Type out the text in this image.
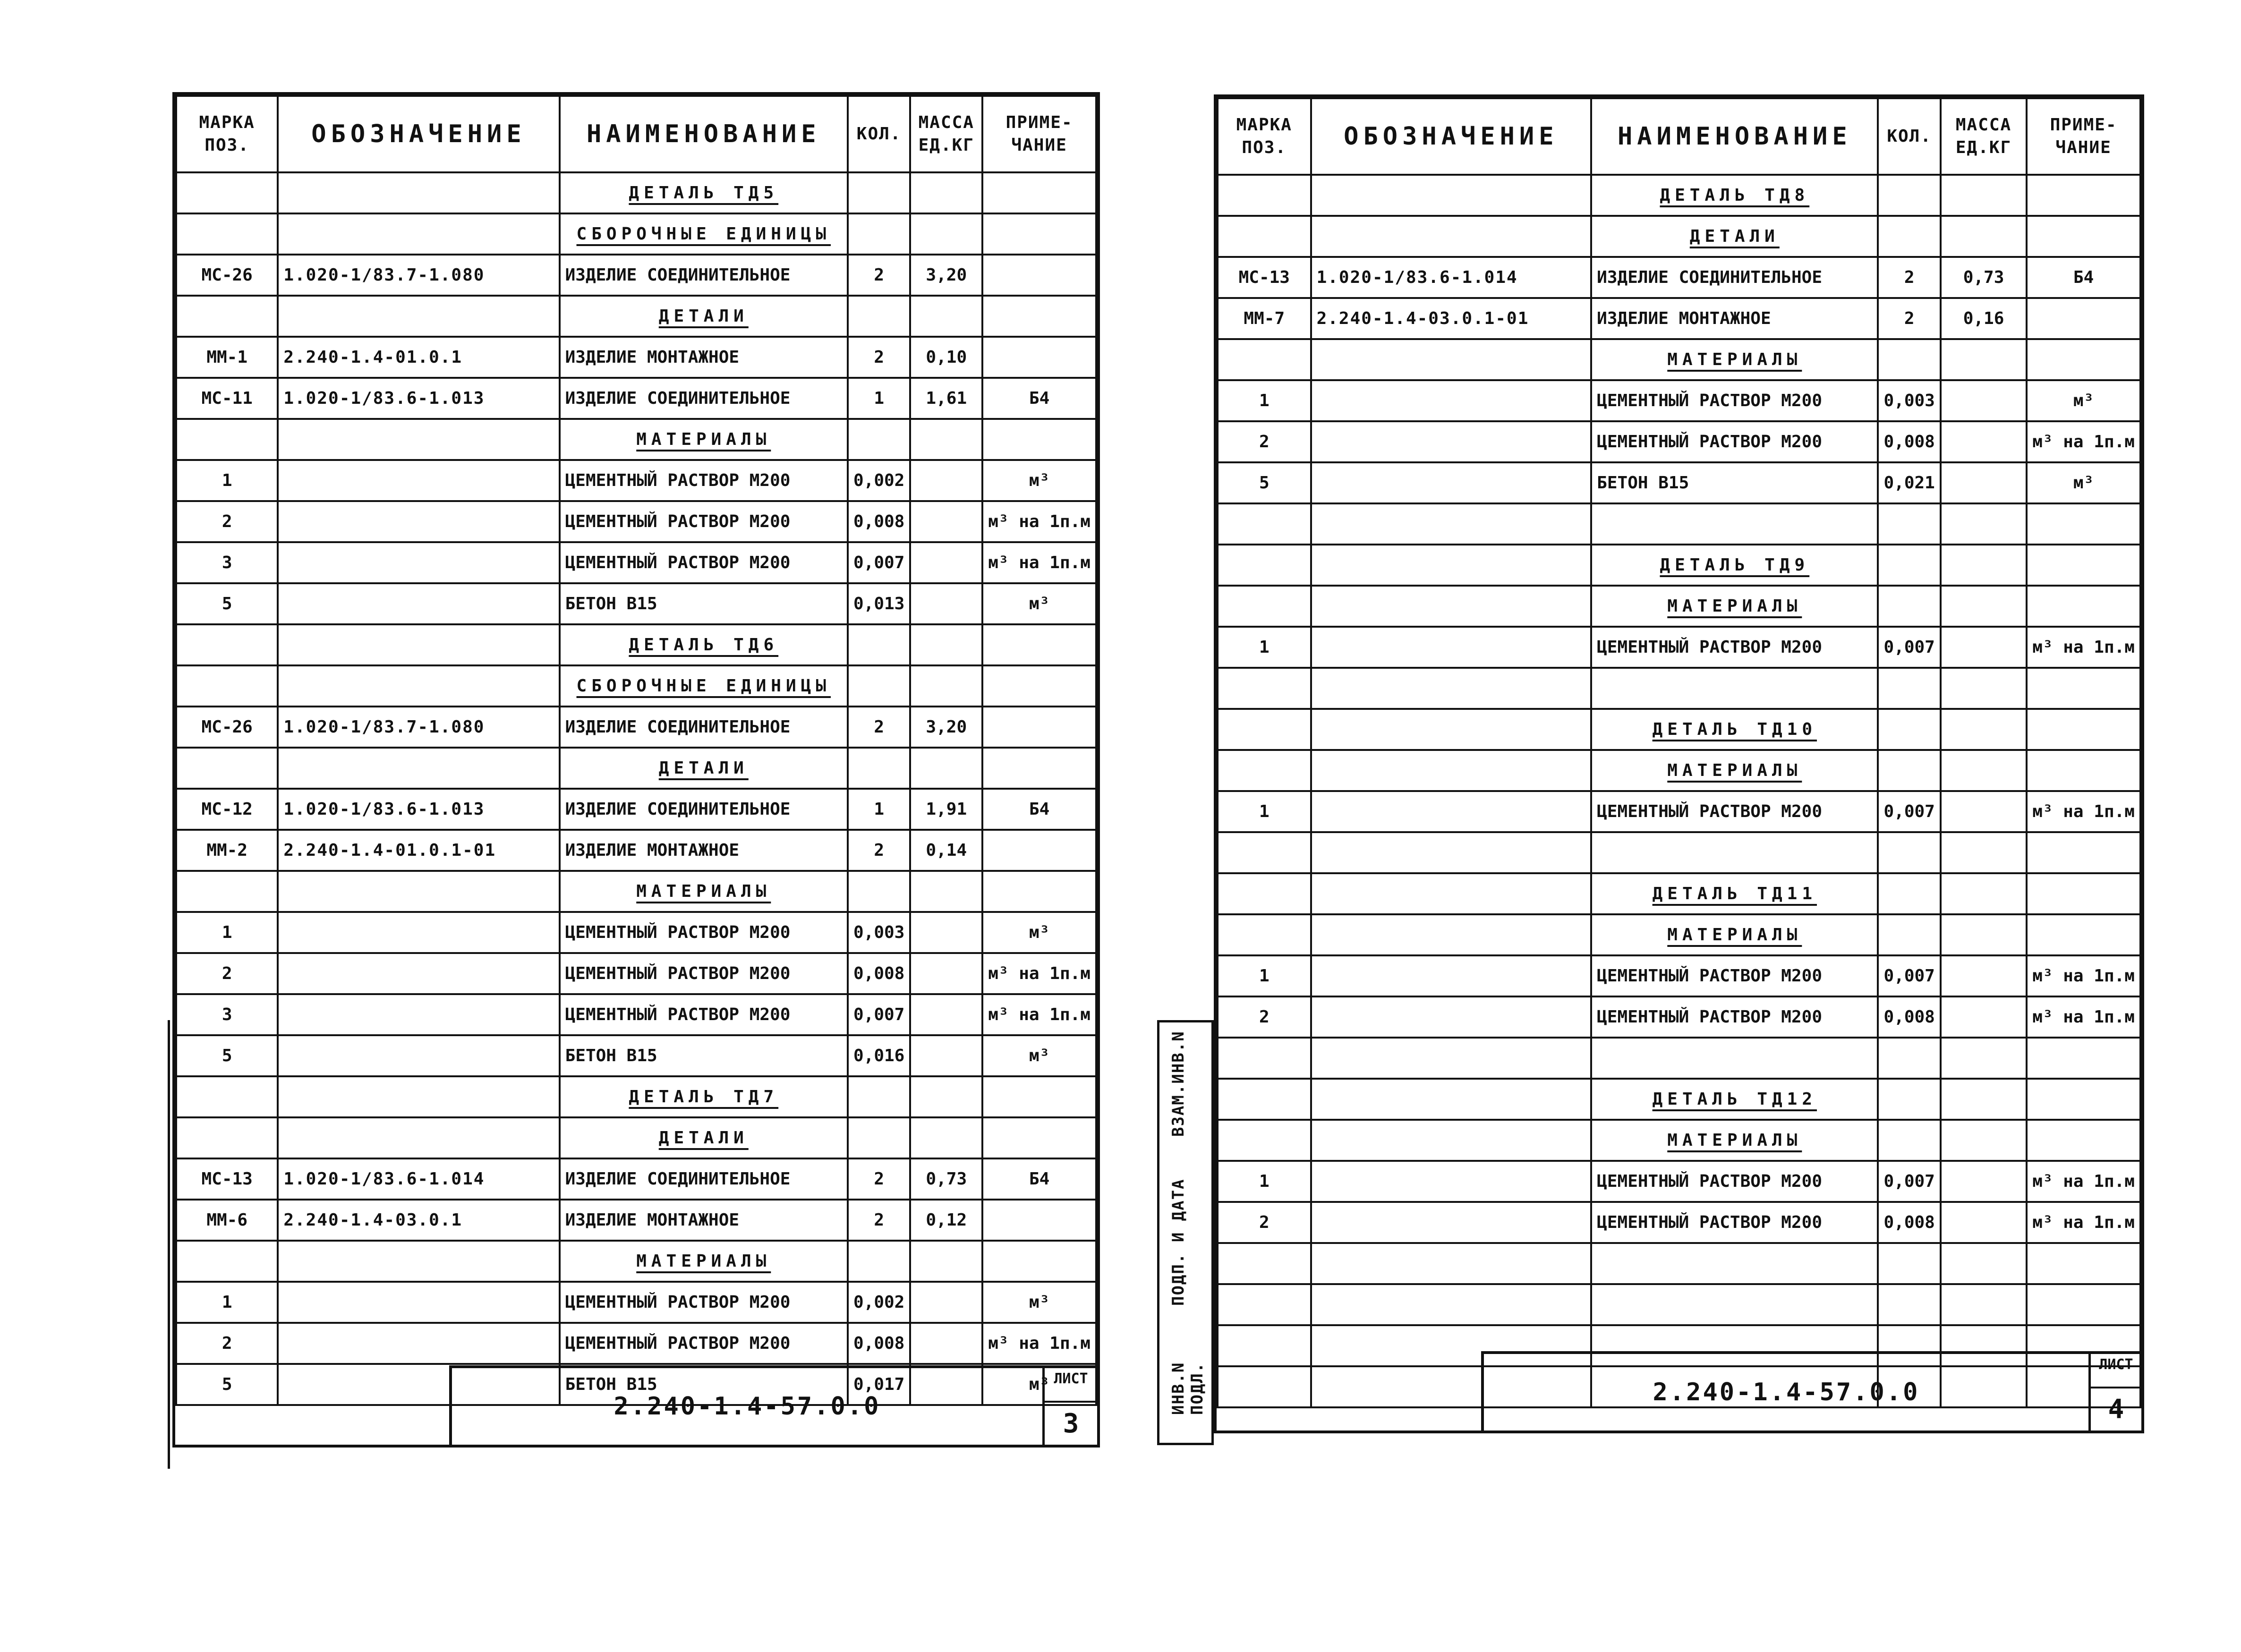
МАРКА ПОЗ.	ОБОЗНАЧЕНИЕ	НАИМЕНОВАНИЕ	КОЛ.	МАССА ЕД.КГ	ПРИМЕ-ЧАНИЕ
		ДЕТАЛЬ ТД5			
		СБОРОЧНЫЕ ЕДИНИЦЫ			
МС-26	1.020-1/83.7-1.080	ИЗДЕЛИЕ СОЕДИНИТЕЛЬНОЕ	2	3,20	
		ДЕТАЛИ			
ММ-1	2.240-1.4-01.0.1	ИЗДЕЛИЕ МОНТАЖНОЕ	2	0,10	
МС-11	1.020-1/83.6-1.013	ИЗДЕЛИЕ СОЕДИНИТЕЛЬНОЕ	1	1,61	Б4
		МАТЕРИАЛЫ			
1		ЦЕМЕНТНЫЙ РАСТВОР М200	0,002		м³
2		ЦЕМЕНТНЫЙ РАСТВОР М200	0,008		м³ на 1п.м
3		ЦЕМЕНТНЫЙ РАСТВОР М200	0,007		м³ на 1п.м
5		БЕТОН В15	0,013		м³
		ДЕТАЛЬ ТД6			
		СБОРОЧНЫЕ ЕДИНИЦЫ			
МС-26	1.020-1/83.7-1.080	ИЗДЕЛИЕ СОЕДИНИТЕЛЬНОЕ	2	3,20	
		ДЕТАЛИ			
МС-12	1.020-1/83.6-1.013	ИЗДЕЛИЕ СОЕДИНИТЕЛЬНОЕ	1	1,91	Б4
ММ-2	2.240-1.4-01.0.1-01	ИЗДЕЛИЕ МОНТАЖНОЕ	2	0,14	
		МАТЕРИАЛЫ			
1		ЦЕМЕНТНЫЙ РАСТВОР М200	0,003		м³
2		ЦЕМЕНТНЫЙ РАСТВОР М200	0,008		м³ на 1п.м
3		ЦЕМЕНТНЫЙ РАСТВОР М200	0,007		м³ на 1п.м
5		БЕТОН В15	0,016		м³
		ДЕТАЛЬ ТД7			
		ДЕТАЛИ			
МС-13	1.020-1/83.6-1.014	ИЗДЕЛИЕ СОЕДИНИТЕЛЬНОЕ	2	0,73	Б4
ММ-6	2.240-1.4-03.0.1	ИЗДЕЛИЕ МОНТАЖНОЕ	2	0,12	
		МАТЕРИАЛЫ			
1		ЦЕМЕНТНЫЙ РАСТВОР М200	0,002		м³
2		ЦЕМЕНТНЫЙ РАСТВОР М200	0,008		м³ на 1п.м
5		БЕТОН В15	0,017		м³
2.240-1.4-57.0.0
ЛИСТ
3
ВЗАМ.ИНВ.N
ПОДП. И ДАТА
ИНВ.N ПОДЛ.
МАРКА ПОЗ.	ОБОЗНАЧЕНИЕ	НАИМЕНОВАНИЕ	КОЛ.	МАССА ЕД.КГ	ПРИМЕ-ЧАНИЕ
		ДЕТАЛЬ ТД8			
		ДЕТАЛИ			
МС-13	1.020-1/83.6-1.014	ИЗДЕЛИЕ СОЕДИНИТЕЛЬНОЕ	2	0,73	Б4
ММ-7	2.240-1.4-03.0.1-01	ИЗДЕЛИЕ МОНТАЖНОЕ	2	0,16	
		МАТЕРИАЛЫ			
1		ЦЕМЕНТНЫЙ РАСТВОР М200	0,003		м³
2		ЦЕМЕНТНЫЙ РАСТВОР М200	0,008		м³ на 1п.м
5		БЕТОН В15	0,021		м³

		ДЕТАЛЬ ТД9			
		МАТЕРИАЛЫ			
1		ЦЕМЕНТНЫЙ РАСТВОР М200	0,007		м³ на 1п.м

		ДЕТАЛЬ ТД10			
		МАТЕРИАЛЫ			
1		ЦЕМЕНТНЫЙ РАСТВОР М200	0,007		м³ на 1п.м

		ДЕТАЛЬ ТД11			
		МАТЕРИАЛЫ			
1		ЦЕМЕНТНЫЙ РАСТВОР М200	0,007		м³ на 1п.м
2		ЦЕМЕНТНЫЙ РАСТВОР М200	0,008		м³ на 1п.м

		ДЕТАЛЬ ТД12			
		МАТЕРИАЛЫ			
1		ЦЕМЕНТНЫЙ РАСТВОР М200	0,007		м³ на 1п.м
2		ЦЕМЕНТНЫЙ РАСТВОР М200	0,008		м³ на 1п.м

2.240-1.4-57.0.0
ЛИСТ
4
